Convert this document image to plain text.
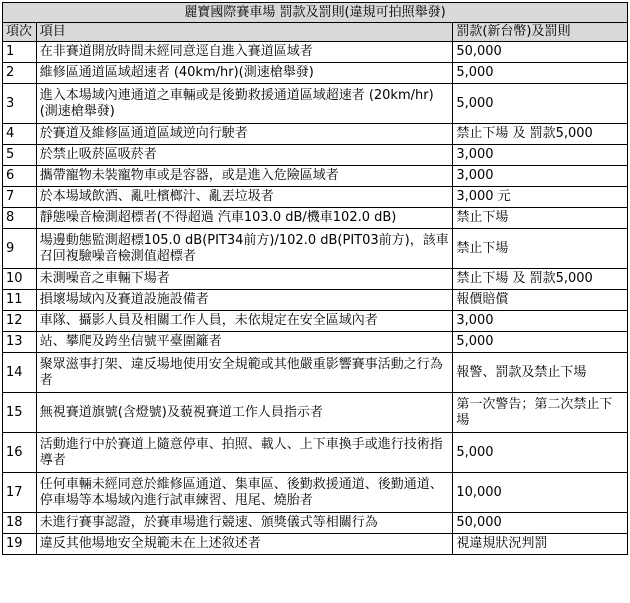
麗寶國際賽車場 罰款及罰則(違規可拍照舉發)		
項次	項目	罰款(新台幣)及罰則
1	在非賽道開放時間未經同意逕自進入賽道區域者	50,000
2	維修區通道區域超速者 (40km/hr)(測速槍舉發)	5,000
3	進入本場域內連通道之車輛或是後勤救援通道區域超速者 (20km/hr)(測速槍舉發)	5,000
4	於賽道及維修區通道區域逆向行駛者	禁止下場 及 罰款5,000
5	於禁止吸菸區吸菸者	3,000
6	攜帶寵物未裝寵物車或是容器，或是進入危險區域者	3,000
7	於本場域飲酒、亂吐檳榔汁、亂丟垃圾者	3,000 元
8	靜態噪音檢測超標者(不得超過 汽車103.0 dB/機車102.0 dB)	禁止下場
9	場邊動態監測超標105.0 dB(PIT34前方)/102.0 dB(PIT03前方)，該車召回複驗噪音檢測值超標者	禁止下場
10	未測噪音之車輛下場者	禁止下場 及 罰款5,000
11	損壞場域內及賽道設施設備者	報價賠償
12	車隊、攝影人員及相關工作人員，未依規定在安全區域內者	3,000
13	站、攀爬及跨坐信號平臺圍籬者	5,000
14	聚眾滋事打架、違反場地使用安全規範或其他嚴重影響賽事活動之行為者	報警、罰款及禁止下場
15	無視賽道旗號(含燈號)及藐視賽道工作人員指示者	第一次警告；第二次禁止下場
16	活動進行中於賽道上隨意停車、拍照、載人、上下車換手或進行技術指導者	5,000
17	任何車輛未經同意於維修區通道、集車區、後勤救援通道、後勤通道、停車場等本場域內進行試車練習、甩尾、燒胎者	10,000
18	未進行賽事認證，於賽車場進行競速、頒獎儀式等相關行為	50,000
19	違反其他場地安全規範未在上述敘述者	視違規狀況判罰
